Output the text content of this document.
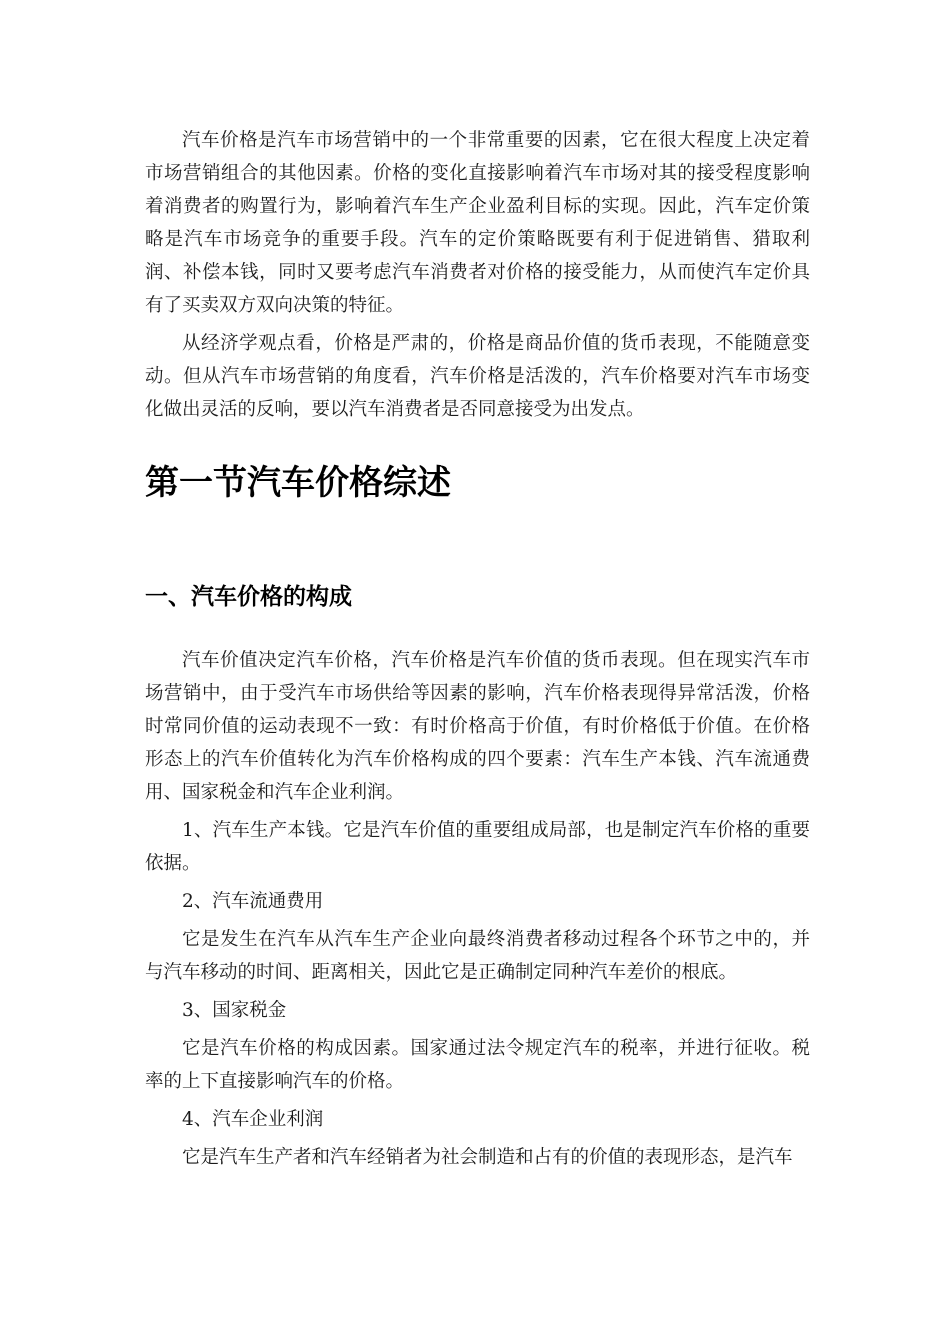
汽车价格是汽车市场营销中的一个非常重要的因素，它在很大程度上决定着市场营销组合的其他因素。价格的变化直接影响着汽车市场对其的接受程度影响着消费者的购置行为，影响着汽车生产企业盈利目标的实现。因此，汽车定价策略是汽车市场竞争的重要手段。汽车的定价策略既要有利于促进销售、猎取利润、补偿本钱，同时又要考虑汽车消费者对价格的接受能力，从而使汽车定价具有了买卖双方双向决策的特征。

从经济学观点看，价格是严肃的，价格是商品价值的货币表现，不能随意变动。但从汽车市场营销的角度看，汽车价格是活泼的，汽车价格要对汽车市场变化做出灵活的反响，要以汽车消费者是否同意接受为出发点。

第一节汽车价格综述
一、汽车价格的构成

汽车价值决定汽车价格，汽车价格是汽车价值的货币表现。但在现实汽车市场营销中，由于受汽车市场供给等因素的影响，汽车价格表现得异常活泼，价格时常同价值的运动表现不一致：有时价格高于价值，有时价格低于价值。在价格形态上的汽车价值转化为汽车价格构成的四个要素：汽车生产本钱、汽车流通费用、国家税金和汽车企业利润。

1、汽车生产本钱。它是汽车价值的重要组成局部，也是制定汽车价格的重要依据。

2、汽车流通费用

它是发生在汽车从汽车生产企业向最终消费者移动过程各个环节之中的，并与汽车移动的时间、距离相关，因此它是正确制定同种汽车差价的根底。

3、国家税金

它是汽车价格的构成因素。国家通过法令规定汽车的税率，并进行征收。税率的上下直接影响汽车的价格。

4、汽车企业利润

它是汽车生产者和汽车经销者为社会制造和占有的价值的表现形态，是汽车
